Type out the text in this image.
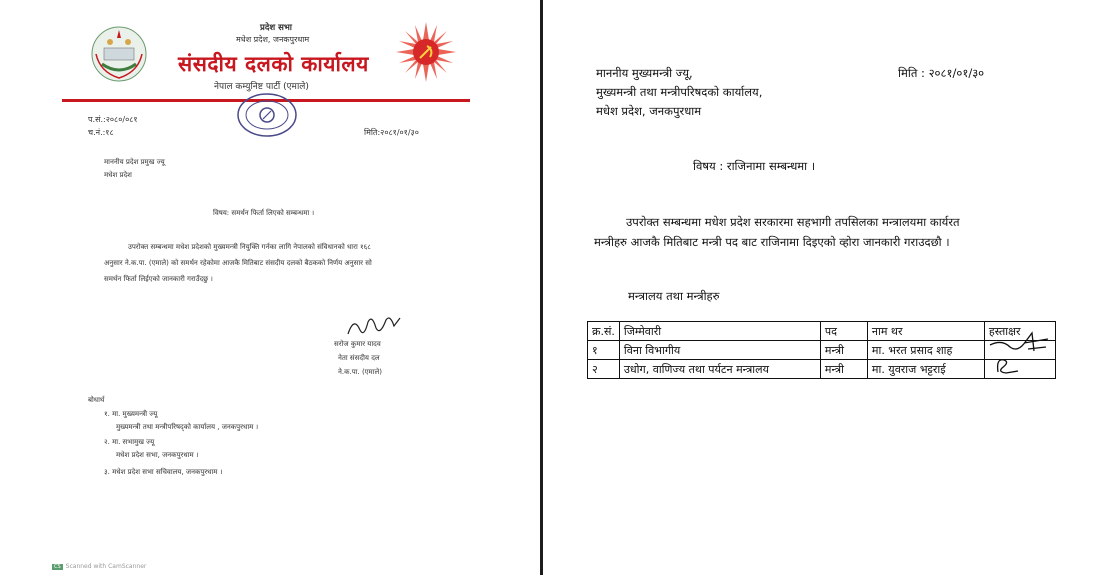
प्रदेश सभा
मधेश प्रदेश, जनकपुरधाम
संसदीय दलको कार्यालय
नेपाल कम्युनिष्ट पार्टी (एमाले)
प.सं.:२०८०/०८१
च.नं.:१८	मिति:२०८१/०१/३०
माननीय प्रदेश प्रमुख ज्यू
मधेश प्रदेश
विषय: समर्थन फिर्ता लिएको सम्बन्धमा ।
उपरोक्त सम्बन्धमा मधेश प्रदेशको मुख्यमन्त्री नियुक्ति गर्नका लागि नेपालको संविधानको धारा १६८
अनुसार ने.क.पा. (एमाले) को समर्थन रहेकोमा आजकै मितिबाट संसदीय दलको बैठकको निर्णय अनुसार सो
समर्थन फिर्ता लिईएको जानकारी गराउँदछु ।
सरोज कुमार यादव
नेता संसदीय दल
ने.क.पा. (एमाले)
बोधार्थ
१. मा. मुख्यमन्त्री ज्यू
मुख्यमन्त्री तथा मन्त्रीपरिषद्को कार्यालय , जनकपुरधाम ।
२. मा. सभामुख ज्यू
मधेश प्रदेश सभा, जनकपुरधाम ।
३. मधेश प्रदेश सभा सचिवालय, जनकपुरधाम ।
CS Scanned with CamScanner
माननीय मुख्यमन्त्री ज्यू,
मुख्यमन्त्री तथा मन्त्रीपरिषदको कार्यालय,
मधेश प्रदेश, जनकपुरधाम
मिति : २०८१/०१/३०
विषय : राजिनामा सम्बन्धमा ।
उपरोक्त सम्बन्धमा मधेश प्रदेश सरकारमा सहभागी तपसिलका मन्त्रालयमा कार्यरत
मन्त्रीहरु आजकै मितिबाट मन्त्री पद बाट राजिनामा दिइएको व्होरा जानकारी गराउदछौ ।
मन्त्रालय तथा मन्त्रीहरु
क्र.सं.	जिम्मेवारी	पद	नाम थर	हस्ताक्षर
१	विना विभागीय	मन्त्री	मा. भरत प्रसाद शाह	
२	उधोग, वाणिज्य तथा पर्यटन मन्त्रालय	मन्त्री	मा. युवराज भट्टराई	
